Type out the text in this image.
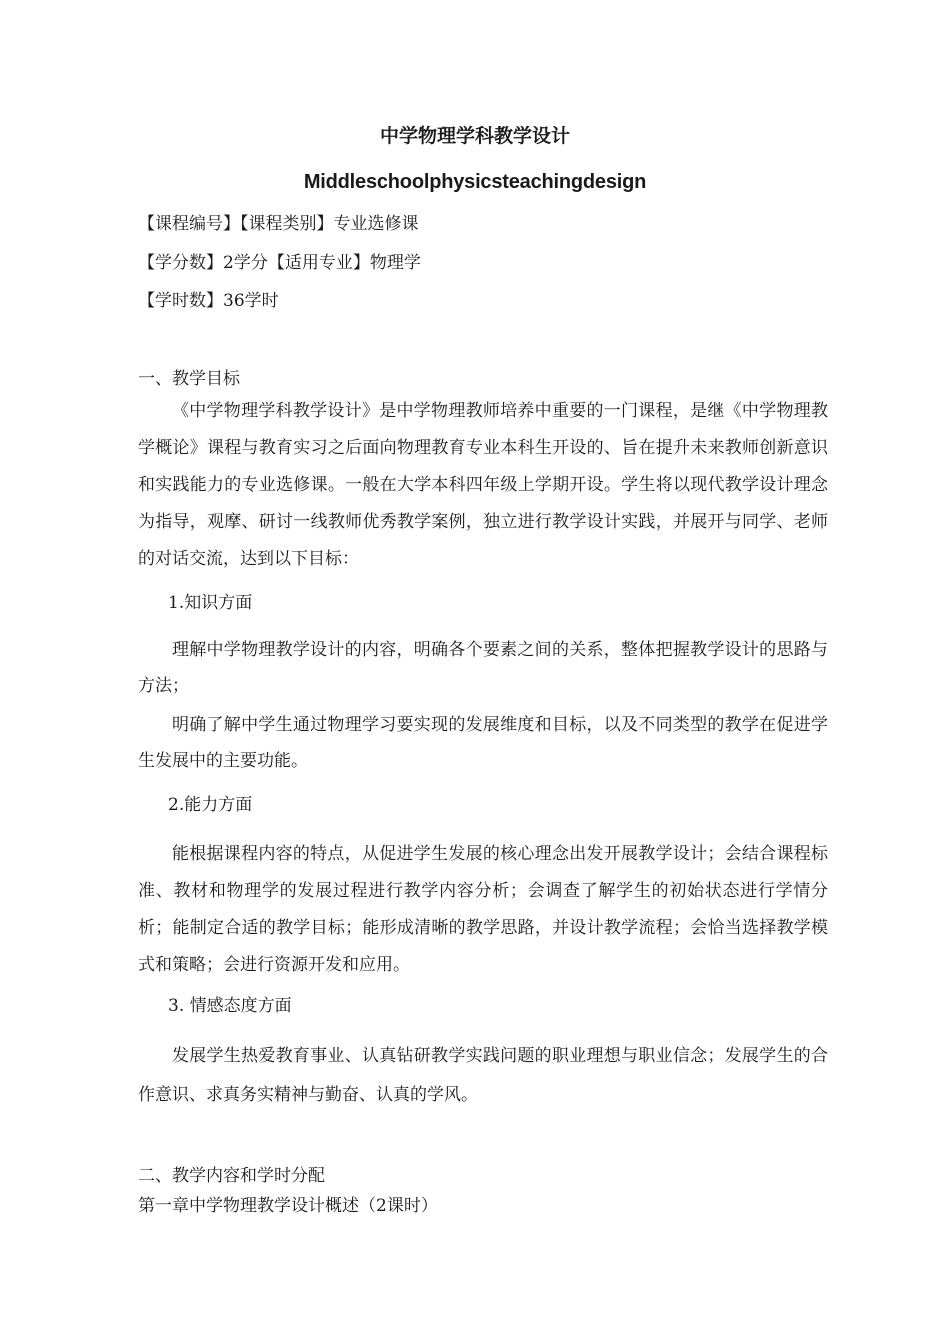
中学物理学科教学设计
Middleschoolphysicsteachingdesign
【课程编号】【课程类别】专业选修课
【学分数】2学分【适用专业】物理学
【学时数】36学时
一、教学目标
《中学物理学科教学设计》是中学物理教师培养中重要的一门课程，是继《中学物理教学概论》课程与教育实习之后面向物理教育专业本科生开设的、旨在提升未来教师创新意识和实践能力的专业选修课。一般在大学本科四年级上学期开设。学生将以现代教学设计理念为指导，观摩、研讨一线教师优秀教学案例，独立进行教学设计实践，并展开与同学、老师的对话交流，达到以下目标：
1.知识方面
理解中学物理教学设计的内容，明确各个要素之间的关系，整体把握教学设计的思路与方法；
明确了解中学生通过物理学习要实现的发展维度和目标，以及不同类型的教学在促进学生发展中的主要功能。
2.能力方面
能根据课程内容的特点，从促进学生发展的核心理念出发开展教学设计；会结合课程标准、教材和物理学的发展过程进行教学内容分析；会调查了解学生的初始状态进行学情分析；能制定合适的教学目标；能形成清晰的教学思路，并设计教学流程；会恰当选择教学模式和策略；会进行资源开发和应用。
3. 情感态度方面
发展学生热爱教育事业、认真钻研教学实践问题的职业理想与职业信念；发展学生的合作意识、求真务实精神与勤奋、认真的学风。
二、教学内容和学时分配
第一章中学物理教学设计概述（2课时）
